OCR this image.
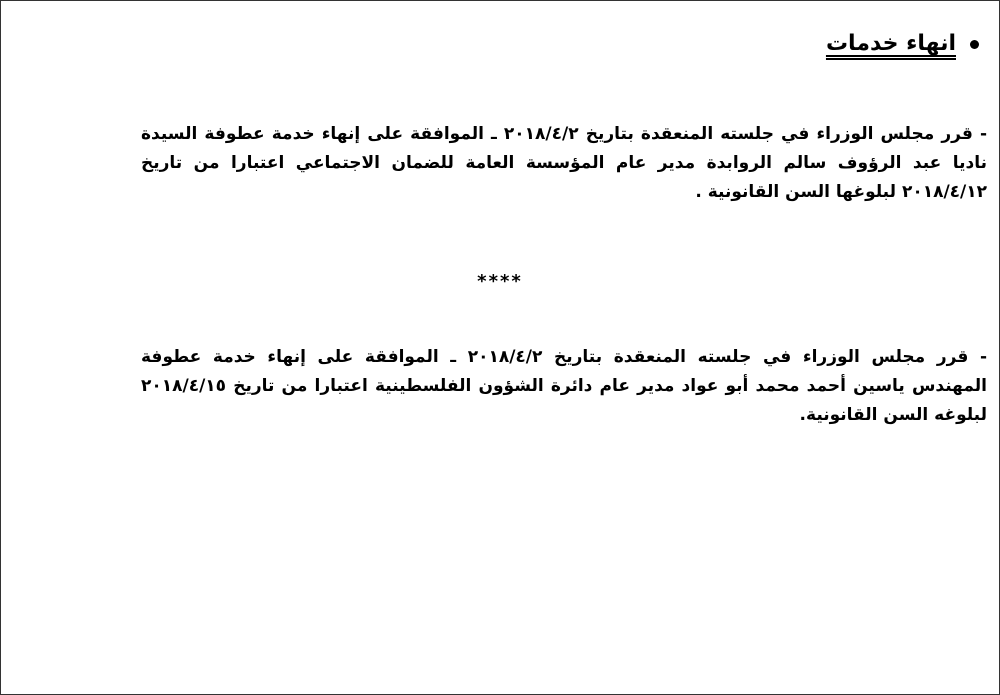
انهاء خدمات
- قرر مجلس الوزراء في جلسته المنعقدة بتاريخ ٢٠١٨/٤/٢ ـ الموافقة على إنهاء خدمة عطوفة السيدة ناديا عبد الرؤوف سالم الروابدة مدير عام المؤسسة العامة للضمان الاجتماعي اعتبارا من تاريخ ٢٠١٨/٤/١٢ لبلوغها السن القانونية .
****
- قرر مجلس الوزراء في جلسته المنعقدة بتاريخ ٢٠١٨/٤/٢ ـ الموافقة على إنهاء خدمة عطوفة المهندس ياسين أحمد محمد أبو عواد مدير عام دائرة الشؤون الفلسطينية اعتبارا من تاريخ ٢٠١٨/٤/١٥ لبلوغه السن القانونية.
